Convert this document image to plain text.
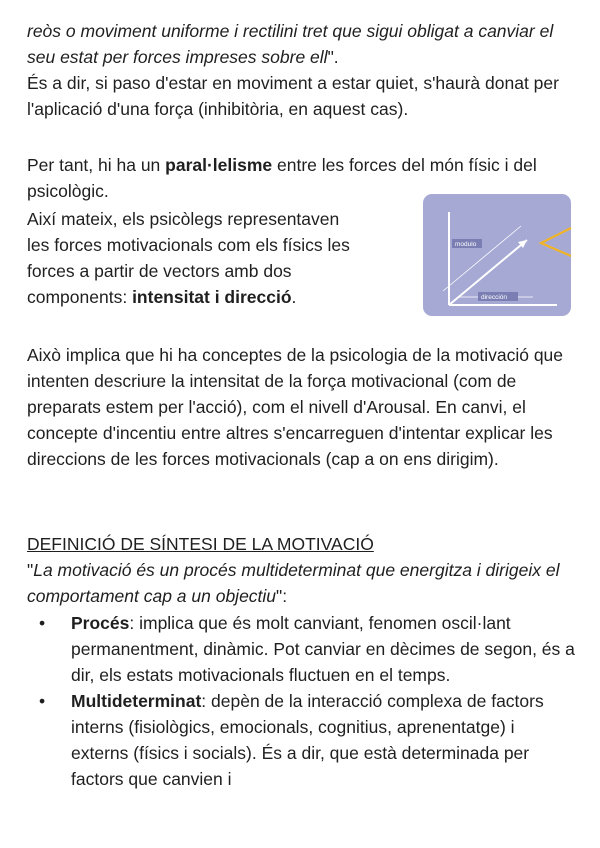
reòs o moviment uniforme i rectilini tret que sigui obligat a canviar el seu estat per forces impreses sobre ell".
És a dir, si paso d'estar en moviment a estar quiet, s'haurà donat per l'aplicació d'una força (inhibitòria, en aquest cas).

Per tant, hi ha un paral·lelisme entre les forces del món físic i del psicològic.

Així mateix, els psicòlegs representaven
les forces motivacionals com els físics les
forces a partir de vectors amb dos
components: intensitat i direcció.

modulo
dirección

Això implica que hi ha conceptes de la psicologia de la motivació que intenten descriure la intensitat de la força motivacional (com de preparats estem per l'acció), com el nivell d'Arousal. En canvi, el concepte d'incentiu entre altres s'encarreguen d'intentar explicar les direccions de les forces motivacionals (cap a on ens dirigim).

DEFINICIÓ DE SÍNTESI DE LA MOTIVACIÓ
"La motivació és un procés multideterminat que energitza i dirigeix el comportament cap a un objectiu":

• Procés: implica que és molt canviant, fenomen oscil·lant permanentment, dinàmic. Pot canviar en dècimes de segon, és a dir, els estats motivacionals fluctuen en el temps.
• Multideterminat: depèn de la interacció complexa de factors interns (fisiològics, emocionals, cognitius, aprenentatge) i externs (físics i socials). És a dir, que està determinada per factors que canvien i
